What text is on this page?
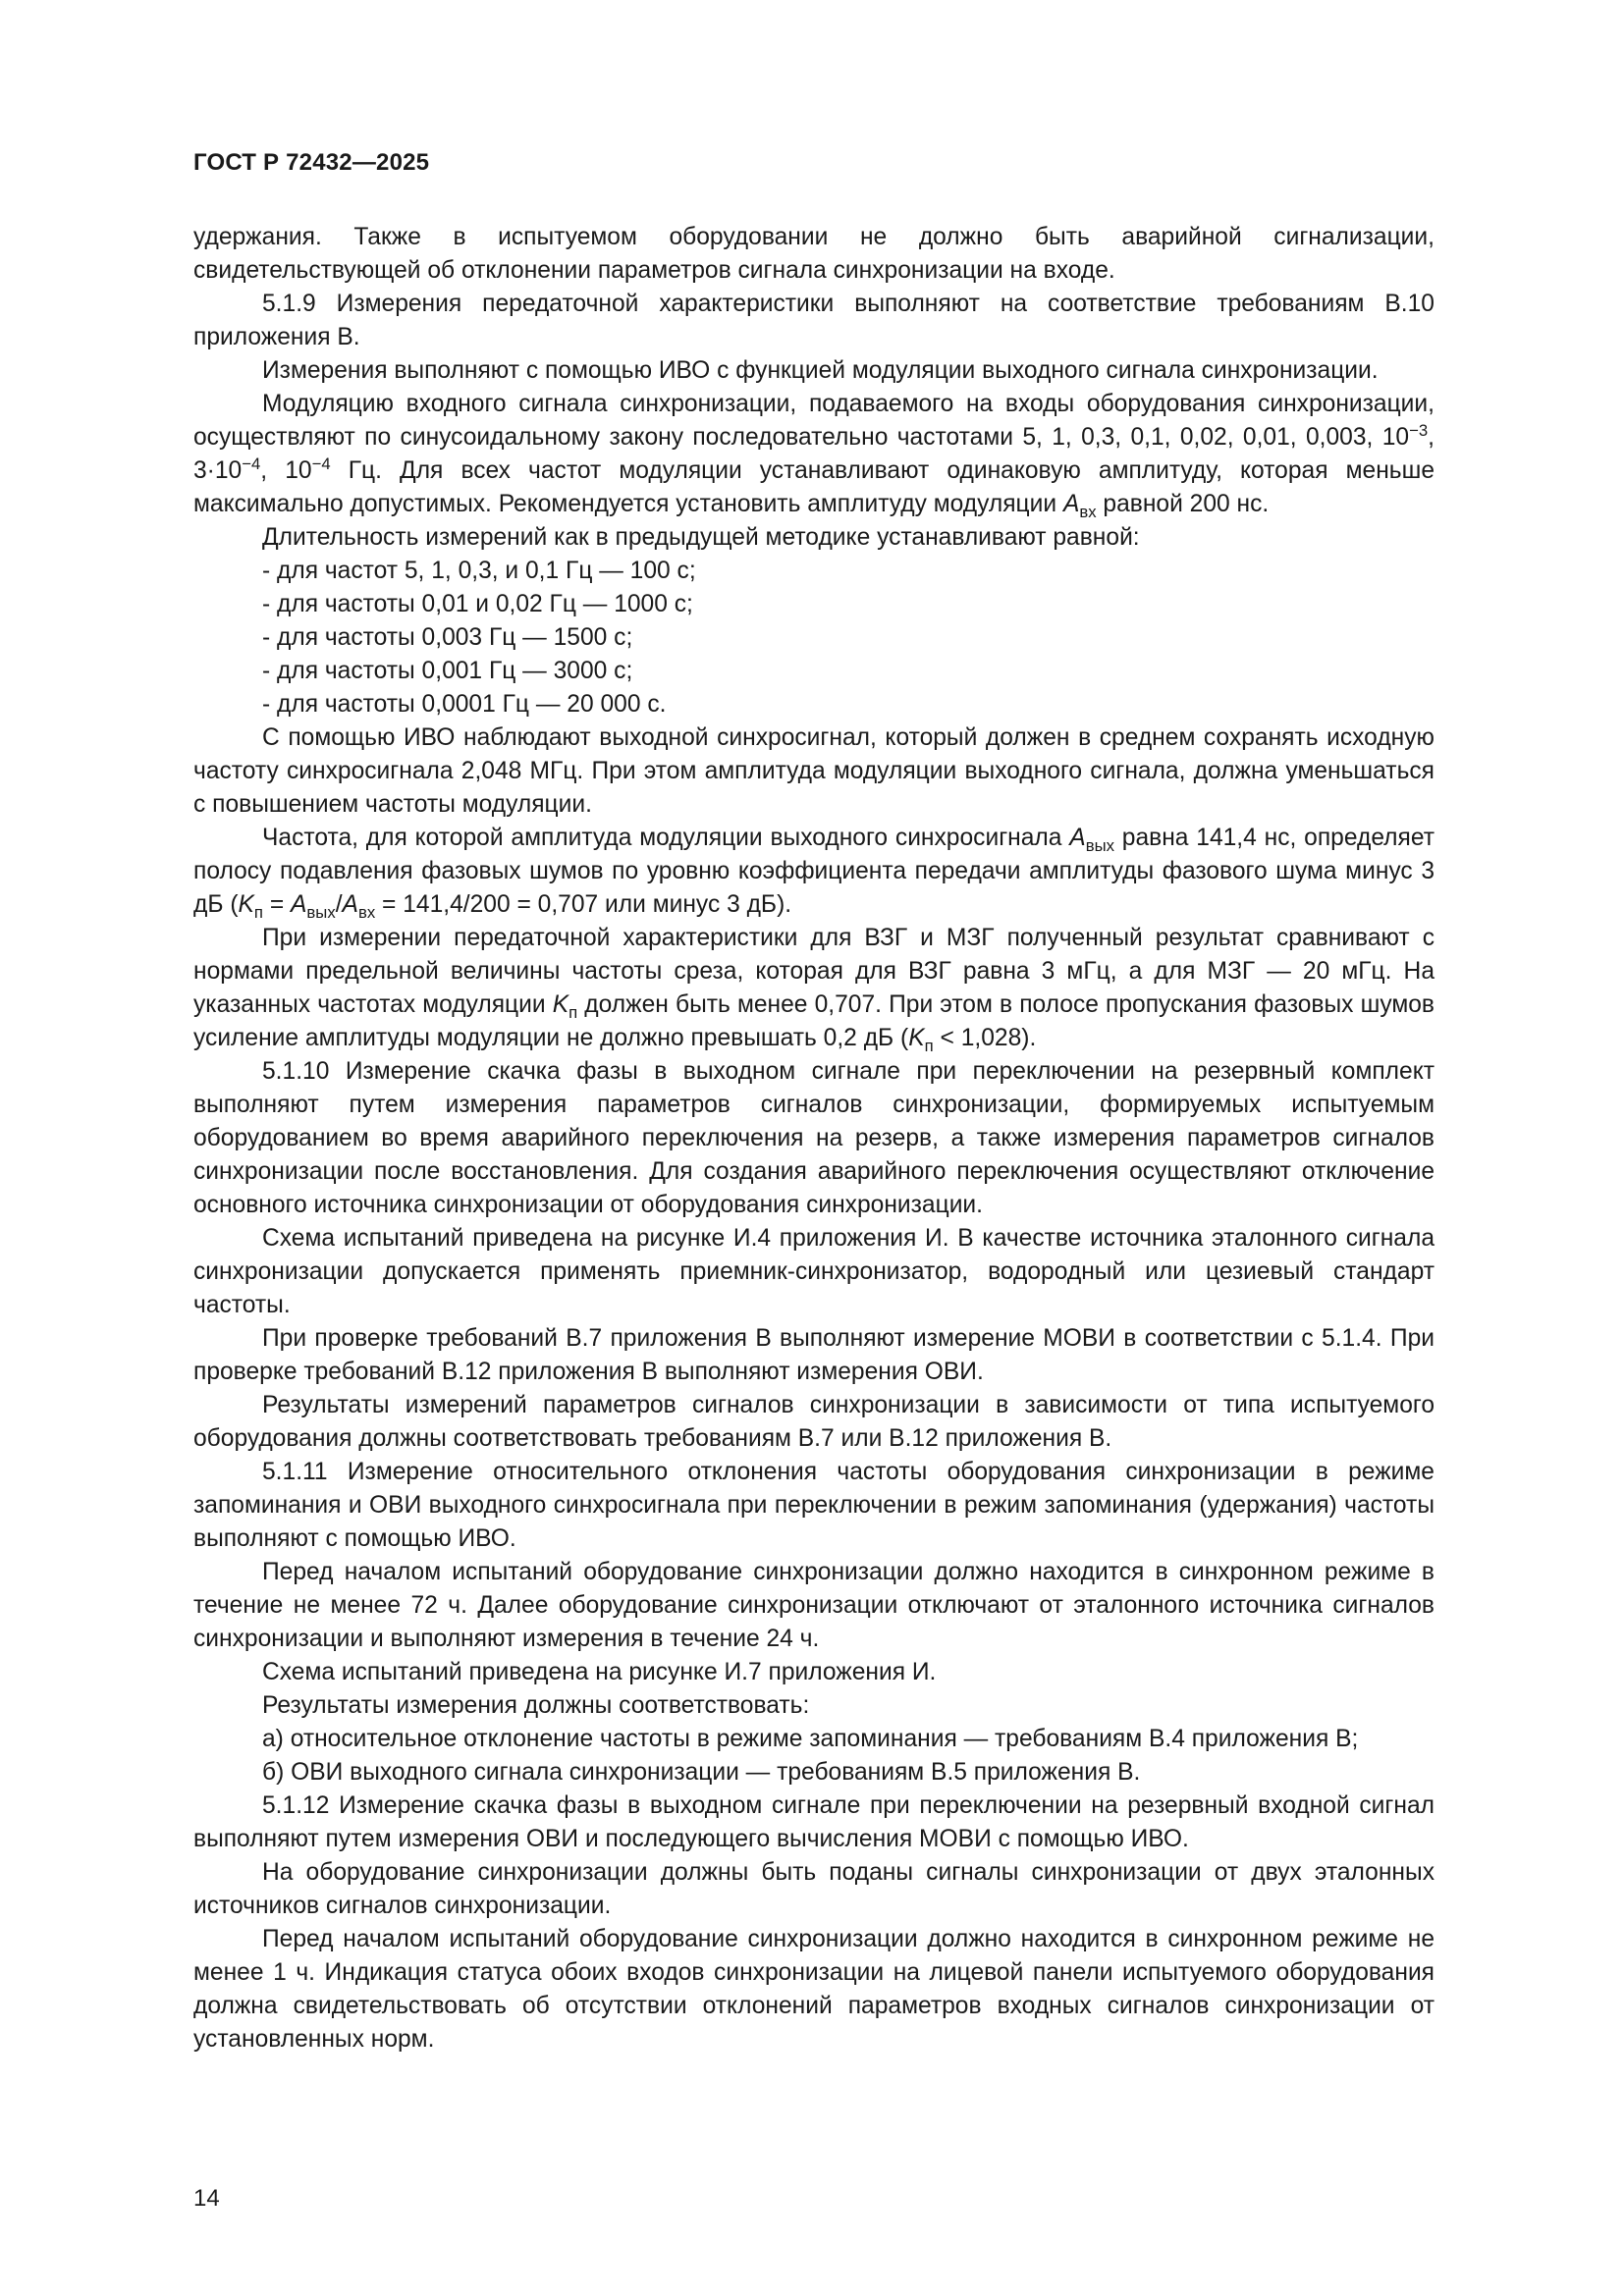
ГОСТ Р 72432—2025

удержания. Также в испытуемом оборудовании не должно быть аварийной сигнализации, свидетельствующей об отклонении параметров сигнала синхронизации на входе.

5.1.9 Измерения передаточной характеристики выполняют на соответствие требованиям В.10 приложения В.

Измерения выполняют с помощью ИВО с функцией модуляции выходного сигнала синхронизации.

Модуляцию входного сигнала синхронизации, подаваемого на входы оборудования синхронизации, осуществляют по синусоидальному закону последовательно частотами 5, 1, 0,3, 0,1, 0,02, 0,01, 0,003, $10^{-3}$, $3\cdot 10^{-4}$, $10^{-4}$ Гц. Для всех частот модуляции устанавливают одинаковую амплитуду, которая меньше максимально допустимых. Рекомендуется установить амплитуду модуляции $A_{вх}$ равной 200 нс.

Длительность измерений как в предыдущей методике устанавливают равной:

- для частот 5, 1, 0,3, и 0,1 Гц — 100 с;

- для частоты 0,01 и 0,02 Гц — 1000 с;

- для частоты 0,003 Гц — 1500 с;

- для частоты 0,001 Гц — 3000 с;

- для частоты 0,0001 Гц — 20 000 с.

С помощью ИВО наблюдают выходной синхросигнал, который должен в среднем сохранять исходную частоту синхросигнала 2,048 МГц. При этом амплитуда модуляции выходного сигнала, должна уменьшаться с повышением частоты модуляции.

Частота, для которой амплитуда модуляции выходного синхросигнала $A_{вых}$ равна 141,4 нс, определяет полосу подавления фазовых шумов по уровню коэффициента передачи амплитуды фазового шума минус 3 дБ ($K_п = A_{вых}/A_{вх} = 141,4/200 = 0,707$ или минус 3 дБ).

При измерении передаточной характеристики для ВЗГ и МЗГ полученный результат сравнивают с нормами предельной величины частоты среза, которая для ВЗГ равна 3 мГц, а для МЗГ — 20 мГц. На указанных частотах модуляции $K_п$ должен быть менее 0,707. При этом в полосе пропускания фазовых шумов усиление амплитуды модуляции не должно превышать 0,2 дБ $(K_п < 1,028)$.

5.1.10 Измерение скачка фазы в выходном сигнале при переключении на резервный комплект выполняют путем измерения параметров сигналов синхронизации, формируемых испытуемым оборудованием во время аварийного переключения на резерв, а также измерения параметров сигналов синхронизации после восстановления. Для создания аварийного переключения осуществляют отключение основного источника синхронизации от оборудования синхронизации.

Схема испытаний приведена на рисунке И.4 приложения И. В качестве источника эталонного сигнала синхронизации допускается применять приемник-синхронизатор, водородный или цезиевый стандарт частоты.

При проверке требований В.7 приложения В выполняют измерение МОВИ в соответствии с 5.1.4. При проверке требований В.12 приложения В выполняют измерения ОВИ.

Результаты измерений параметров сигналов синхронизации в зависимости от типа испытуемого оборудования должны соответствовать требованиям В.7 или В.12 приложения В.

5.1.11 Измерение относительного отклонения частоты оборудования синхронизации в режиме запоминания и ОВИ выходного синхросигнала при переключении в режим запоминания (удержания) частоты выполняют с помощью ИВО.

Перед началом испытаний оборудование синхронизации должно находится в синхронном режиме в течение не менее 72 ч. Далее оборудование синхронизации отключают от эталонного источника сигналов синхронизации и выполняют измерения в течение 24 ч.

Схема испытаний приведена на рисунке И.7 приложения И.

Результаты измерения должны соответствовать:

а) относительное отклонение частоты в режиме запоминания — требованиям В.4 приложения В;

б) ОВИ выходного сигнала синхронизации — требованиям В.5 приложения В.

5.1.12 Измерение скачка фазы в выходном сигнале при переключении на резервный входной сигнал выполняют путем измерения ОВИ и последующего вычисления МОВИ с помощью ИВО.

На оборудование синхронизации должны быть поданы сигналы синхронизации от двух эталонных источников сигналов синхронизации.

Перед началом испытаний оборудование синхронизации должно находится в синхронном режиме не менее 1 ч. Индикация статуса обоих входов синхронизации на лицевой панели испытуемого оборудования должна свидетельствовать об отсутствии отклонений параметров входных сигналов синхронизации от установленных норм.

14
